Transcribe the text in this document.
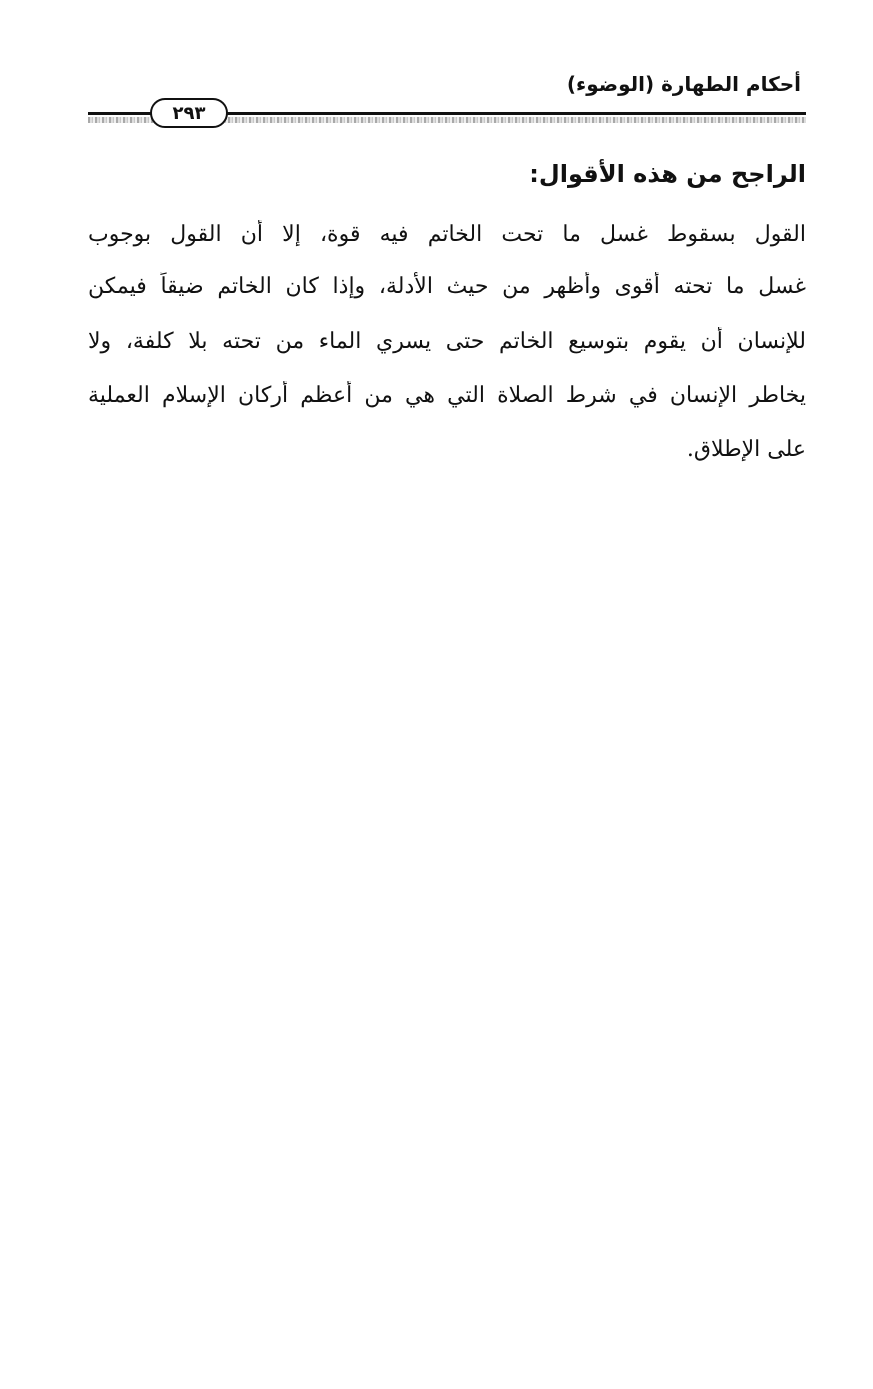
أحكام الطهارة (الوضوء)
٢٩٣
الراجح من هذه الأقوال:
القول بسقوط غسل ما تحت الخاتم فيه قوة، إلا أن القول بوجوب
غسل ما تحته أقوى وأظهر من حيث الأدلة، وإذا كان الخاتم ضيقاً فيمكن
للإنسان أن يقوم بتوسيع الخاتم حتى يسري الماء من تحته بلا كلفة، ولا
يخاطر الإنسان في شرط الصلاة التي هي من أعظم أركان الإسلام العملية
على الإطلاق.
